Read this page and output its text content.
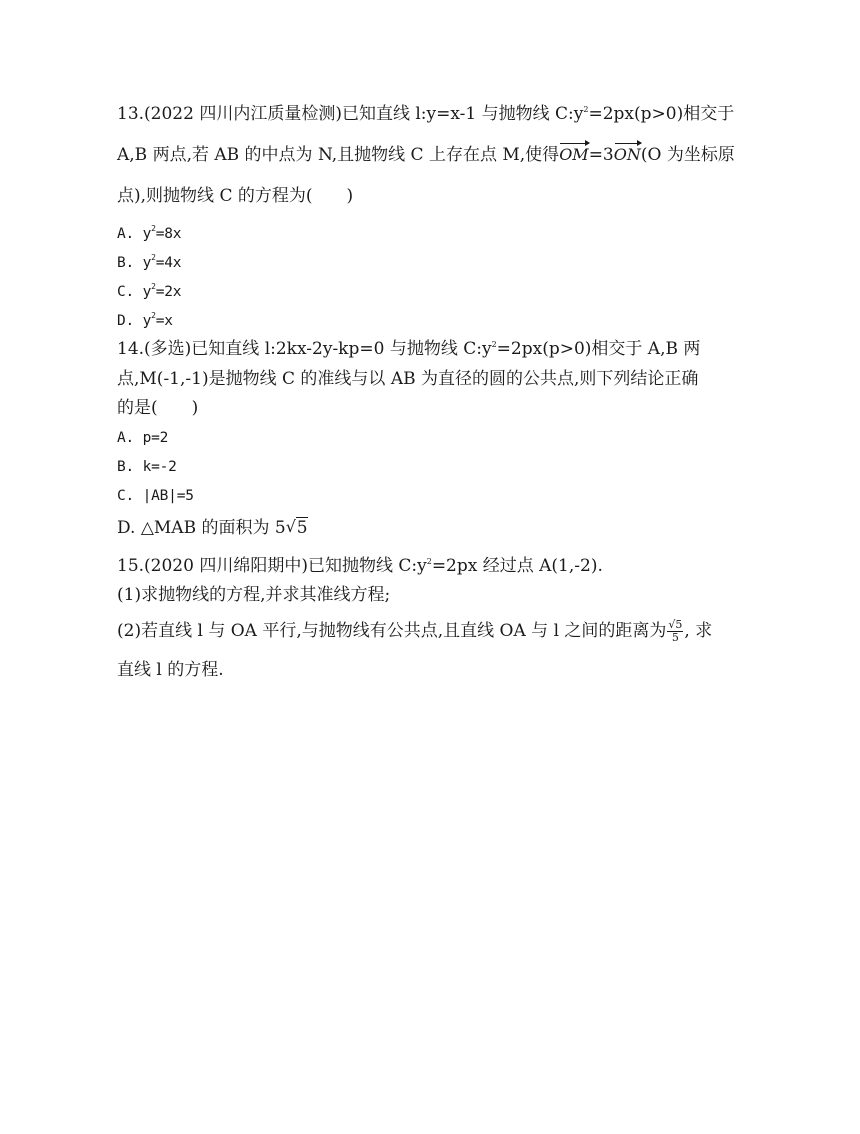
13.(2022 四川内江质量检测)已知直线 l:y=x-1 与抛物线 $C:y^2=2px(p>0)$相交于
A,B 两点,若 AB 的中点为 N,且抛物线 C 上存在点 M,使得OM=3ON(O 为坐标原
点),则抛物线 C 的方程为(　　)
A. $y^2=8x$
B. $y^2=4x$
C. $y^2=2x$
D. $y^2=x$
14.(多选)已知直线 l:2kx-2y-kp=0 与抛物线 $C:y^2=2px(p>0)$相交于 A,B 两
点,M(-1,-1)是抛物线 C 的准线与以 AB 为直径的圆的公共点,则下列结论正确
的是(　　)
A. p=2
B. k=-2
C. |AB|=5
D. △MAB 的面积为 5 √ 5
15.(2020 四川绵阳期中)已知抛物线 $C:y^2=2px$ 经过点 A(1,-2).
(1)求抛物线的方程,并求其准线方程;
(2)若直线 l 与 OA 平行,与抛物线有公共点,且直线 OA 与 l 之间的距离为 √ $\frac{5}{5}$ , 求
直线 l 的方程.
